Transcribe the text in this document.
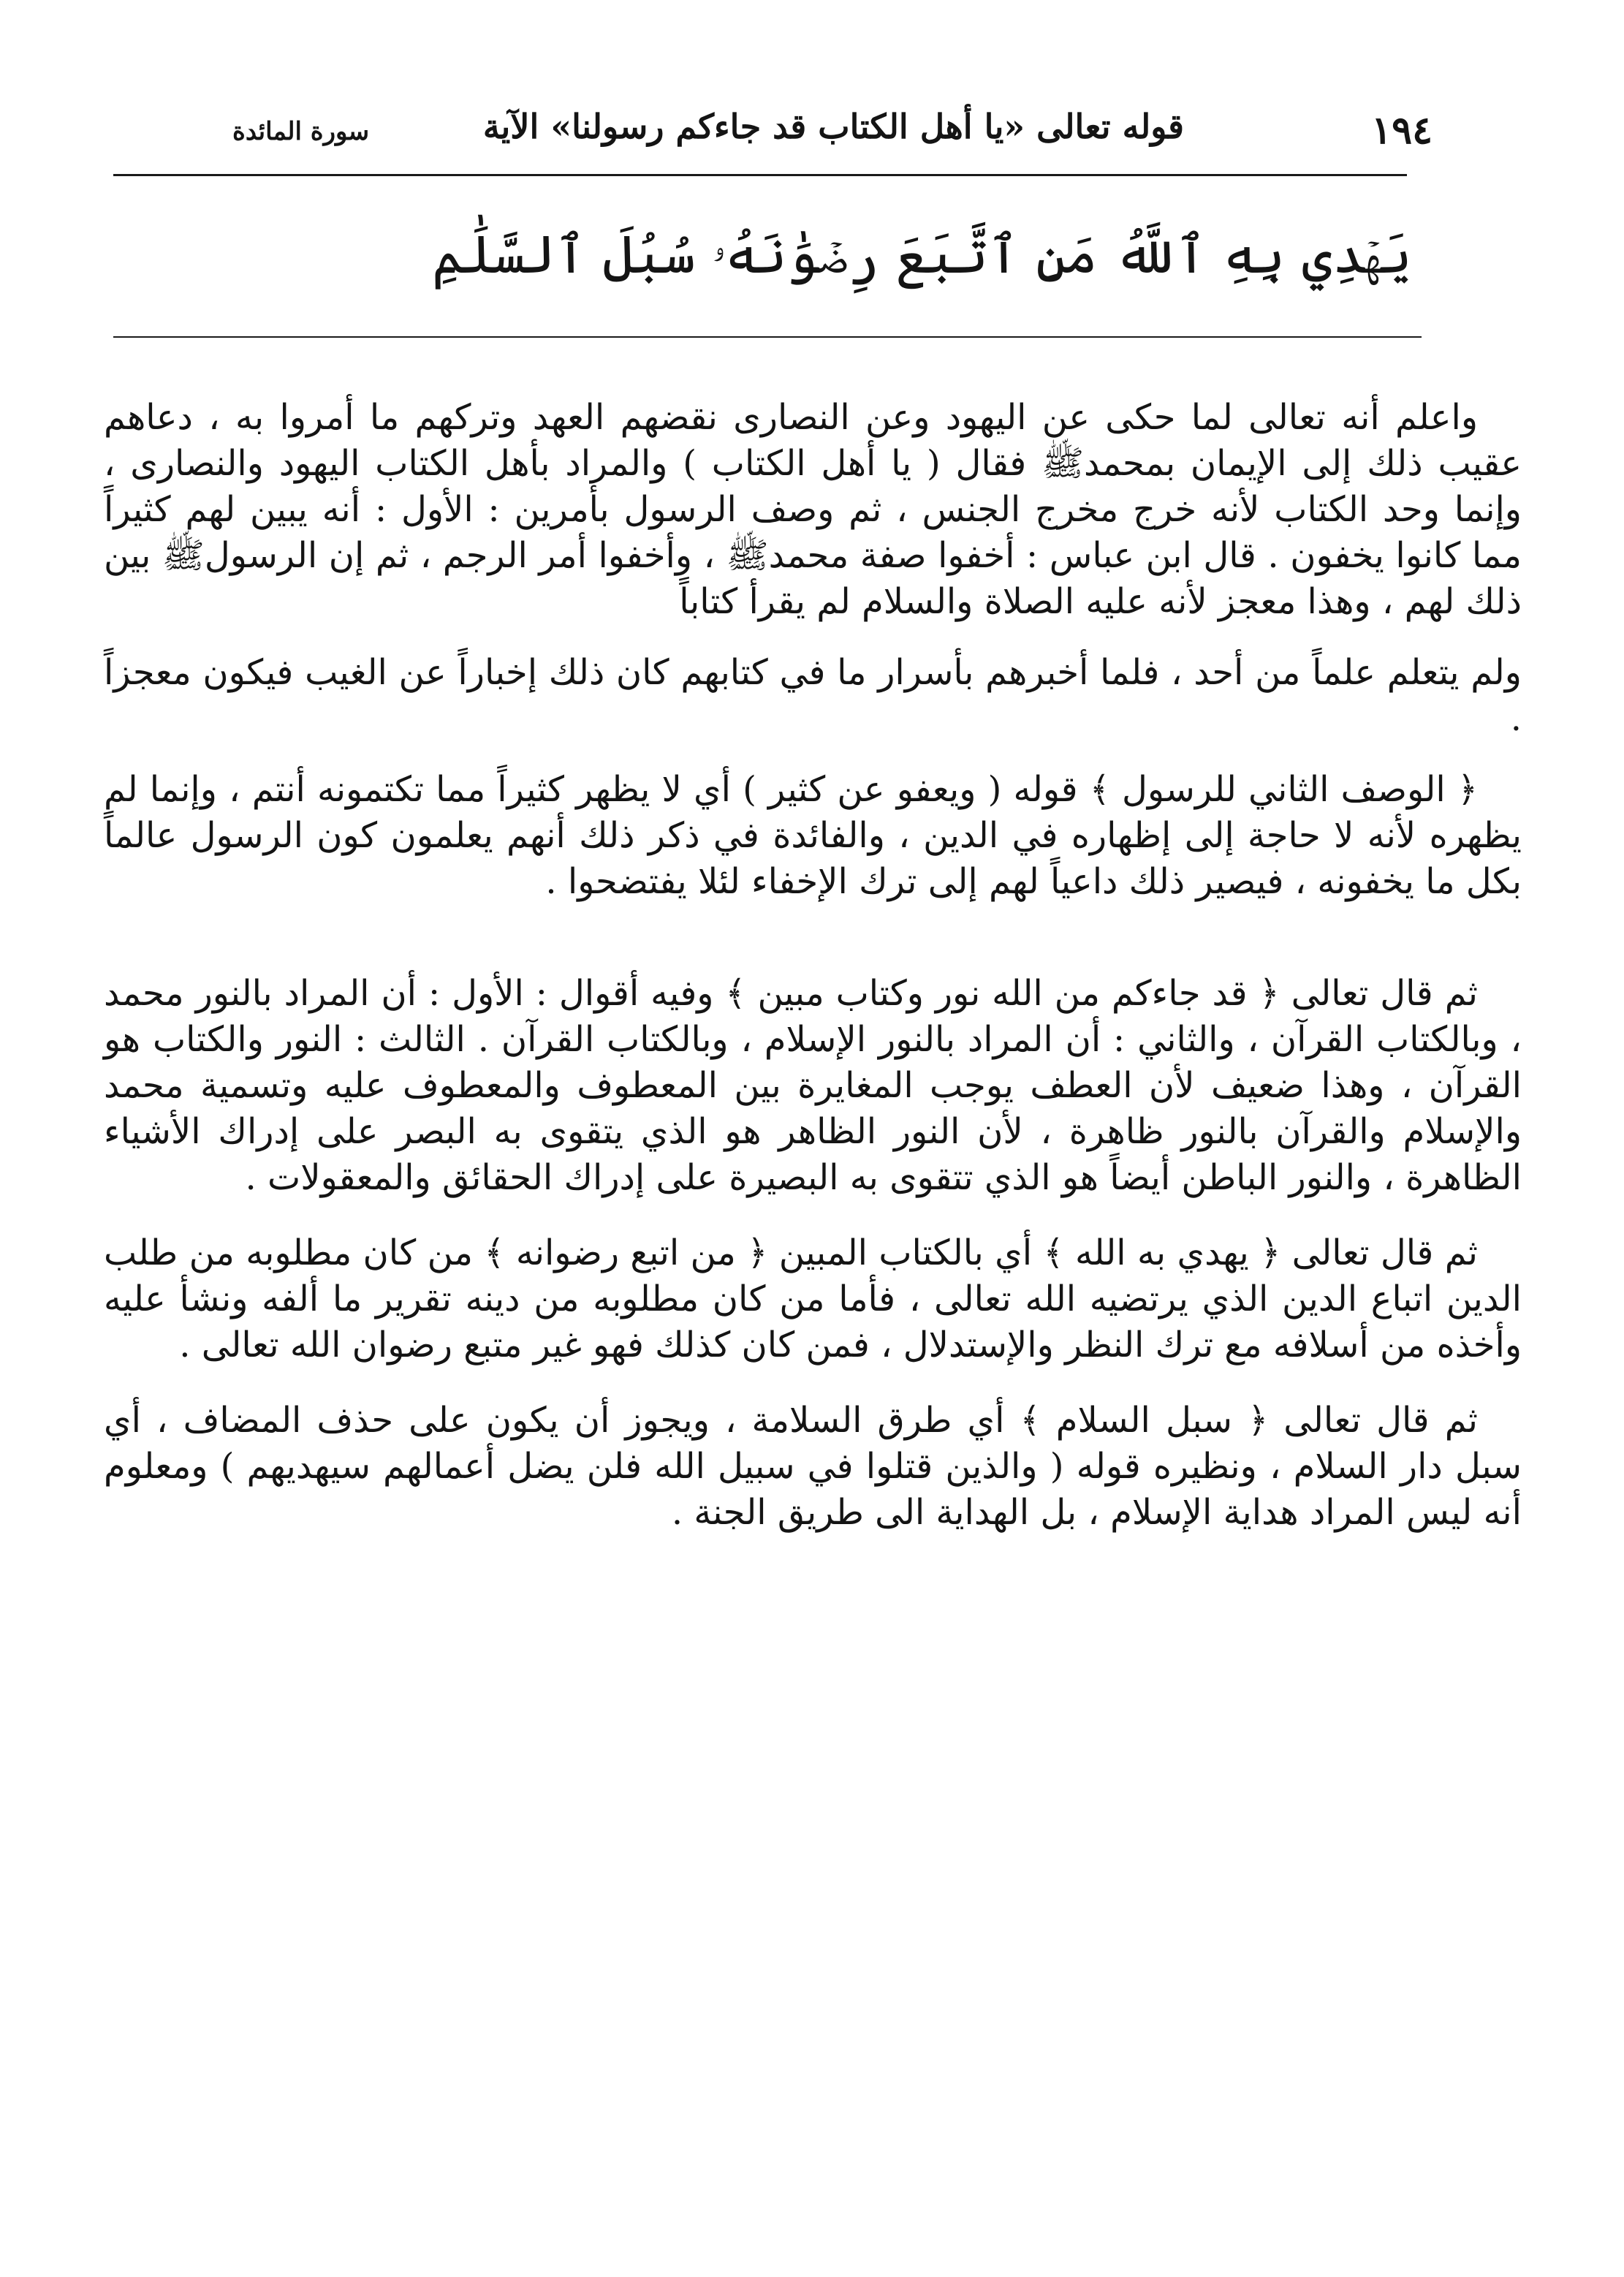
١٩٤
قوله تعالى «يا أهل الكتاب قد جاءكم رسولنا» الآية
سورة المائدة
يَهۡدِي بِهِ ٱللَّهُ مَنِ ٱتَّبَعَ رِضۡوَٰنَهُۥ سُبُلَ ٱلسَّلَٰمِ

واعلم أنه تعالى لما حكى عن اليهود وعن النصارى نقضهم العهد وتركهم ما أمروا به ، دعاهم عقيب ذلك إلى الإيمان بمحمدﷺ فقال ( يا أهل الكتاب ) والمراد بأهل الكتاب اليهود والنصارى ، وإنما وحد الكتاب لأنه خرج مخرج الجنس ، ثم وصف الرسول بأمرين : الأول : أنه يبين لهم كثيراً مما كانوا يخفون . قال ابن عباس : أخفوا صفة محمدﷺ ، وأخفوا أمر الرجم ، ثم إن الرسولﷺ بين ذلك لهم ، وهذا معجز لأنه عليه الصلاة والسلام لم يقرأ كتاباً

ولم يتعلم علماً من أحد ، فلما أخبرهم بأسرار ما في كتابهم كان ذلك إخباراً عن الغيب فيكون معجزاً .

﴿ الوصف الثاني للرسول ﴾ قوله ( ويعفو عن كثير ) أي لا يظهر كثيراً مما تكتمونه أنتم ، وإنما لم يظهره لأنه لا حاجة إلى إظهاره في الدين ، والفائدة في ذكر ذلك أنهم يعلمون كون الرسول عالماً بكل ما يخفونه ، فيصير ذلك داعياً لهم إلى ترك الإخفاء لئلا يفتضحوا .

ثم قال تعالى ﴿ قد جاءكم من الله نور وكتاب مبين ﴾ وفيه أقوال : الأول : أن المراد بالنور محمد ، وبالكتاب القرآن ، والثاني : أن المراد بالنور الإسلام ، وبالكتاب القرآن . الثالث : النور والكتاب هو القرآن ، وهذا ضعيف لأن العطف يوجب المغايرة بين المعطوف والمعطوف عليه وتسمية محمد والإسلام والقرآن بالنور ظاهرة ، لأن النور الظاهر هو الذي يتقوى به البصر على إدراك الأشياء الظاهرة ، والنور الباطن أيضاً هو الذي تتقوى به البصيرة على إدراك الحقائق والمعقولات .

ثم قال تعالى ﴿ يهدي به الله ﴾ أي بالكتاب المبين ﴿ من اتبع رضوانه ﴾ من كان مطلوبه من طلب الدين اتباع الدين الذي يرتضيه الله تعالى ، فأما من كان مطلوبه من دينه تقرير ما ألفه ونشأ عليه وأخذه من أسلافه مع ترك النظر والإستدلال ، فمن كان كذلك فهو غير متبع رضوان الله تعالى .

ثم قال تعالى ﴿ سبل السلام ﴾ أي طرق السلامة ، ويجوز أن يكون على حذف المضاف ، أي سبل دار السلام ، ونظيره قوله ( والذين قتلوا في سبيل الله فلن يضل أعمالهم سيهديهم ) ومعلوم أنه ليس المراد هداية الإسلام ، بل الهداية الى طريق الجنة .
